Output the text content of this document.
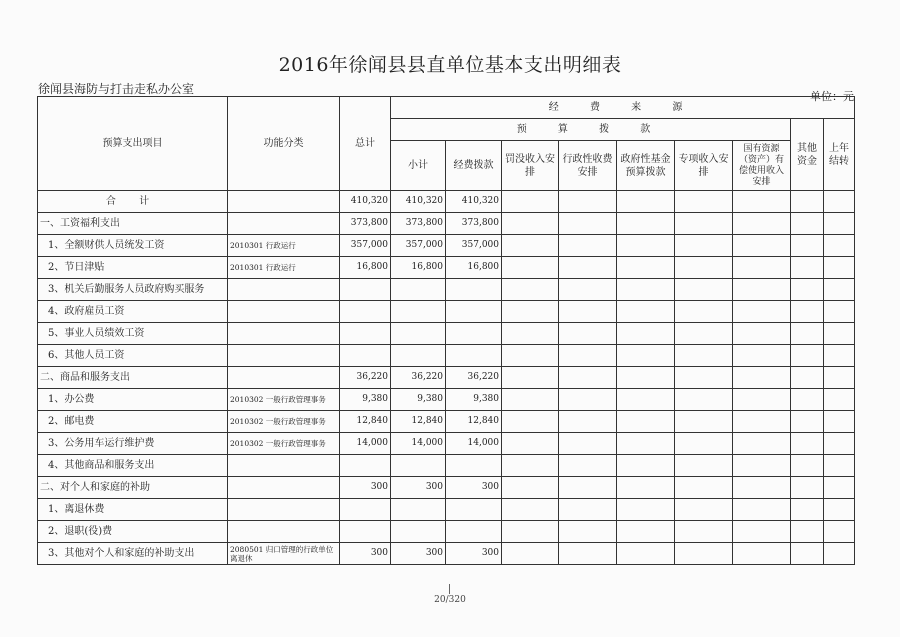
2016年徐闻县县直单位基本支出明细表
徐闻县海防与打击走私办公室
单位：元
预算支出项目	功能分类	总计	经 费 来 源								
			预 算 拨 款							其他资金	上年结转
			小计	经费拨款	罚没收入安排	行政性收费安排	政府性基金预算拨款	专项收入安排	国有资源（资产）有偿使用收入安排		
合 计		410,320	410,320	410,320							
一、工资福利支出		373,800	373,800	373,800							
1、全额财供人员统发工资	2010301 行政运行	357,000	357,000	357,000							
2、节日津贴	2010301 行政运行	16,800	16,800	16,800							
3、机关后勤服务人员政府购买服务											
4、政府雇员工资											
5、事业人员绩效工资											
6、其他人员工资											
二、商品和服务支出		36,220	36,220	36,220							
1、办公费	2010302 一般行政管理事务	9,380	9,380	9,380							
2、邮电费	2010302 一般行政管理事务	12,840	12,840	12,840							
3、公务用车运行维护费	2010302 一般行政管理事务	14,000	14,000	14,000							
4、其他商品和服务支出											
二、对个人和家庭的补助		300	300	300							
1、离退休费											
2、退职(役)费											
3、其他对个人和家庭的补助支出	2080501 归口管理的行政单位离退休	300	300	300							
20/320
